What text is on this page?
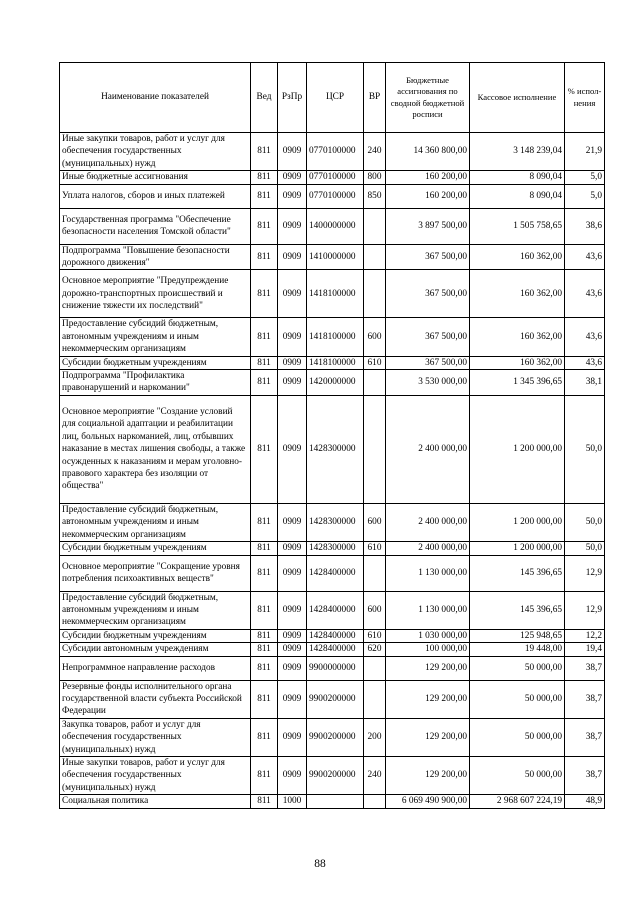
Наименование показателей	Вед	РзПр	ЦСР	ВР	Бюджетные ассигнования по сводной бюджетной росписи	Кассовое исполнение	% испол-нения
Иные закупки товаров, работ и услуг для обеспечения государственных (муниципальных) нужд	811	0909	0770100000	240	14 360 800,00	3 148 239,04	21,9
Иные бюджетные ассигнования	811	0909	0770100000	800	160 200,00	8 090,04	5,0
Уплата налогов, сборов и иных платежей	811	0909	0770100000	850	160 200,00	8 090,04	5,0
Государственная программа "Обеспечение безопасности населения Томской области"	811	0909	1400000000		3 897 500,00	1 505 758,65	38,6
Подпрограмма "Повышение безопасности дорожного движения"	811	0909	1410000000		367 500,00	160 362,00	43,6
Основное мероприятие "Предупреждение дорожно-транспортных происшествий и снижение тяжести их последствий"	811	0909	1418100000		367 500,00	160 362,00	43,6
Предоставление субсидий бюджетным, автономным учреждениям и иным некоммерческим организациям	811	0909	1418100000	600	367 500,00	160 362,00	43,6
Субсидии бюджетным учреждениям	811	0909	1418100000	610	367 500,00	160 362,00	43,6
Подпрограмма "Профилактика правонарушений и наркомании"	811	0909	1420000000		3 530 000,00	1 345 396,65	38,1
Основное мероприятие "Создание условий для социальной адаптации и реабилитации лиц, больных наркоманией, лиц, отбывших наказание в местах лишения свободы, а также осужденных к наказаниям и мерам уголовно-правового характера без изоляции от общества"	811	0909	1428300000		2 400 000,00	1 200 000,00	50,0
Предоставление субсидий бюджетным, автономным учреждениям и иным некоммерческим организациям	811	0909	1428300000	600	2 400 000,00	1 200 000,00	50,0
Субсидии бюджетным учреждениям	811	0909	1428300000	610	2 400 000,00	1 200 000,00	50,0
Основное мероприятие "Сокращение уровня потребления психоактивных веществ"	811	0909	1428400000		1 130 000,00	145 396,65	12,9
Предоставление субсидий бюджетным, автономным учреждениям и иным некоммерческим организациям	811	0909	1428400000	600	1 130 000,00	145 396,65	12,9
Субсидии бюджетным учреждениям	811	0909	1428400000	610	1 030 000,00	125 948,65	12,2
Субсидии автономным учреждениям	811	0909	1428400000	620	100 000,00	19 448,00	19,4
Непрограммное направление расходов	811	0909	9900000000		129 200,00	50 000,00	38,7
Резервные фонды исполнительного органа государственной власти субъекта Российской Федерации	811	0909	9900200000		129 200,00	50 000,00	38,7
Закупка товаров, работ и услуг для обеспечения государственных (муниципальных) нужд	811	0909	9900200000	200	129 200,00	50 000,00	38,7
Иные закупки товаров, работ и услуг для обеспечения государственных (муниципальных) нужд	811	0909	9900200000	240	129 200,00	50 000,00	38,7
Социальная политика	811	1000			6 069 490 900,00	2 968 607 224,19	48,9
88
